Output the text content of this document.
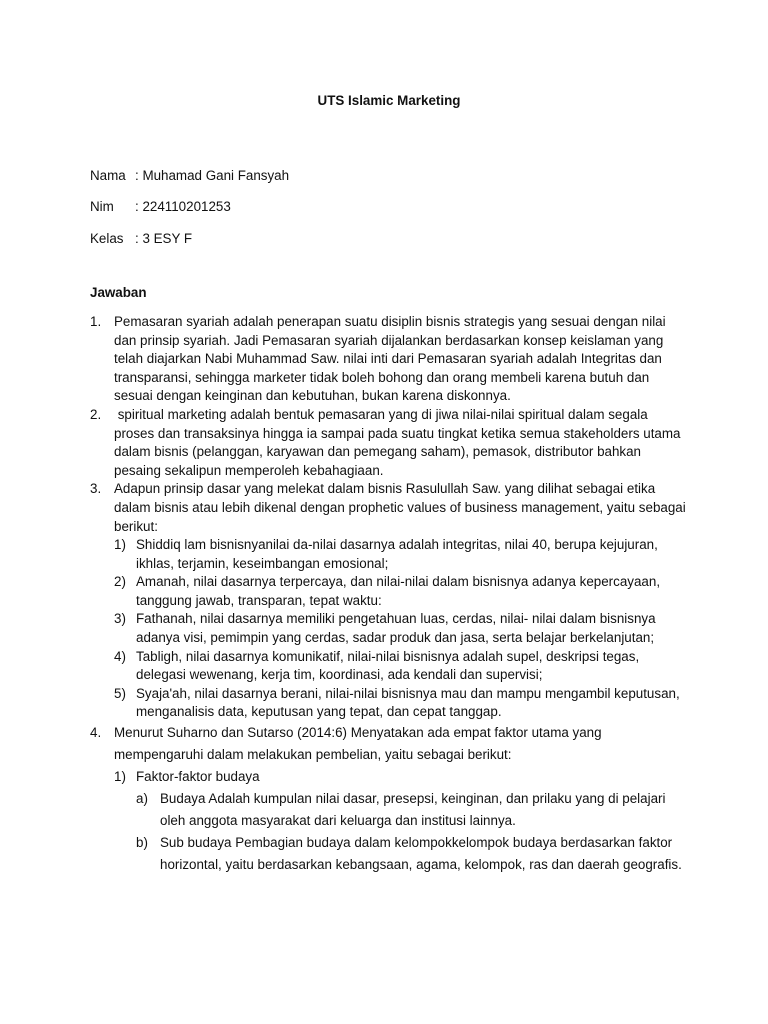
UTS Islamic Marketing
Nama : Muhamad Gani Fansyah
Nim	: 224110201253
Kelas : 3 ESY F
Jawaban
1. Pemasaran syariah adalah penerapan suatu disiplin bisnis strategis yang sesuai dengan nilai dan prinsip syariah. Jadi Pemasaran syariah dijalankan berdasarkan konsep keislaman yang telah diajarkan Nabi Muhammad Saw. nilai inti dari Pemasaran syariah adalah Integritas dan transparansi, sehingga marketer tidak boleh bohong dan orang membeli karena butuh dan sesuai dengan keinginan dan kebutuhan, bukan karena diskonnya.
2. spiritual marketing adalah bentuk pemasaran yang di jiwa nilai-nilai spiritual dalam segala proses dan transaksinya hingga ia sampai pada suatu tingkat ketika semua stakeholders utama dalam bisnis (pelanggan, karyawan dan pemegang saham), pemasok, distributor bahkan pesaing sekalipun memperoleh kebahagiaan.
3. Adapun prinsip dasar yang melekat dalam bisnis Rasulullah Saw. yang dilihat sebagai etika dalam bisnis atau lebih dikenal dengan prophetic values of business management, yaitu sebagai berikut:
1) Shiddiq lam bisnisnyanilai da-nilai dasarnya adalah integritas, nilai 40, berupa kejujuran, ikhlas, terjamin, keseimbangan emosional;
2) Amanah, nilai dasarnya terpercaya, dan nilai-nilai dalam bisnisnya adanya kepercayaan, tanggung jawab, transparan, tepat waktu:
3) Fathanah, nilai dasarnya memiliki pengetahuan luas, cerdas, nilai- nilai dalam bisnisnya adanya visi, pemimpin yang cerdas, sadar produk dan jasa, serta belajar berkelanjutan;
4) Tabligh, nilai dasarnya komunikatif, nilai-nilai bisnisnya adalah supel, deskripsi tegas, delegasi wewenang, kerja tim, koordinasi, ada kendali dan supervisi;
5) Syaja'ah, nilai dasarnya berani, nilai-nilai bisnisnya mau dan mampu mengambil keputusan, menganalisis data, keputusan yang tepat, dan cepat tanggap.
4. Menurut Suharno dan Sutarso (2014:6) Menyatakan ada empat faktor utama yang mempengaruhi dalam melakukan pembelian, yaitu sebagai berikut:
1) Faktor-faktor budaya
a) Budaya Adalah kumpulan nilai dasar, presepsi, keinginan, dan prilaku yang di pelajari oleh anggota masyarakat dari keluarga dan institusi lainnya.
b) Sub budaya Pembagian budaya dalam kelompokkelompok budaya berdasarkan faktor horizontal, yaitu berdasarkan kebangsaan, agama, kelompok, ras dan daerah geografis.
